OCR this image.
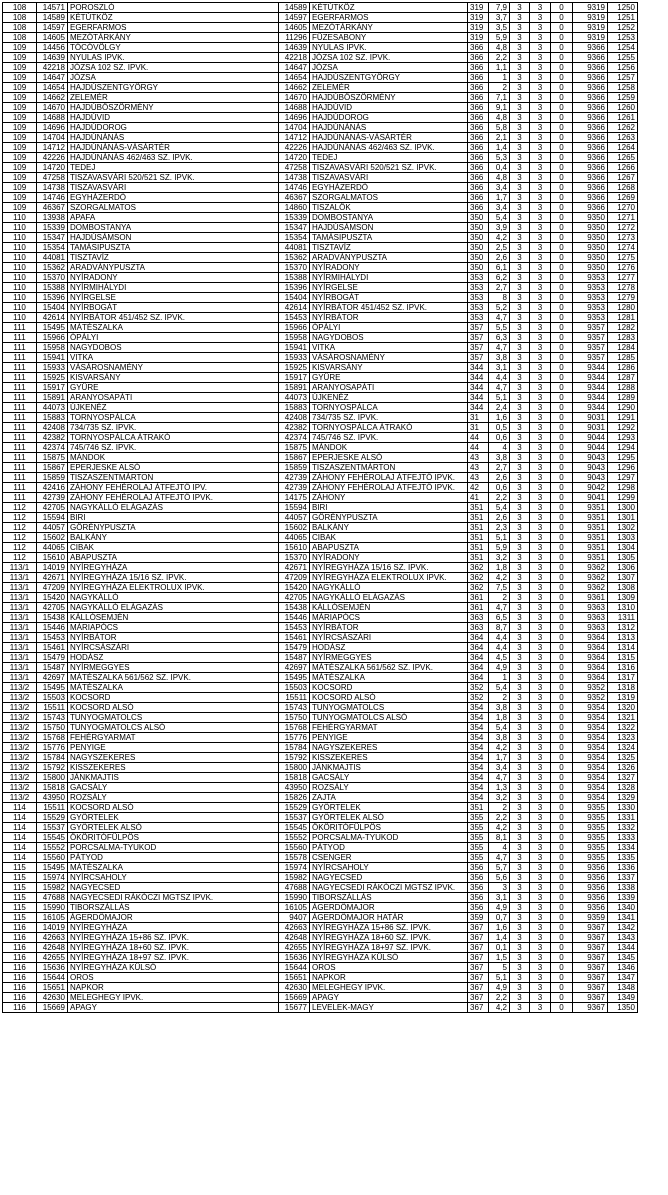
108	14571	POROSZLÓ	14589	KÉTÚTKÖZ	319	7,9	3	3	0	9319	1250
108	14589	KÉTÚTKÖZ	14597	EGERFARMOS	319	3,7	3	3	0	9319	1251
108	14597	EGERFARMOS	14605	MEZŐTÁRKÁNY	319	3,5	3	3	0	9319	1252
108	14605	MEZŐTÁRKÁNY	11296	FÜZESABONY	319	5,9	3	3	0	9319	1253
109	14456	TÓCÓVÖLGY	14639	NYULAS IPVK.	366	4,8	3	3	0	9366	1254
109	14639	NYULAS IPVK.	42218	JÓZSA 102 SZ. IPVK.	366	2,2	3	3	0	9366	1255
109	42218	JÓZSA 102 SZ. IPVK.	14647	JÓZSA	366	1,1	3	3	0	9366	1256
109	14647	JÓZSA	14654	HAJDÚSZENTGYÖRGY	366	1	3	3	0	9366	1257
109	14654	HAJDÚSZENTGYÖRGY	14662	ZELEMÉR	366	2	3	3	0	9366	1258
109	14662	ZELEMÉR	14670	HAJDÚBÖSZÖRMÉNY	366	7,1	3	3	0	9366	1259
109	14670	HAJDÚBÖSZÖRMÉNY	14688	HAJDÚVID	366	9,1	3	3	0	9366	1260
109	14688	HAJDÚVID	14696	HAJDÚDOROG	366	4,8	3	3	0	9366	1261
109	14696	HAJDÚDOROG	14704	HAJDÚNÁNÁS	366	5,8	3	3	0	9366	1262
109	14704	HAJDÚNÁNÁS	14712	HAJDÚNÁNÁS-VÁSÁRTÉR	366	2,1	3	3	0	9366	1263
109	14712	HAJDÚNÁNÁS-VÁSÁRTÉR	42226	HAJDÚNÁNÁS 462/463 SZ. IPVK.	366	1,4	3	3	0	9366	1264
109	42226	HAJDÚNÁNÁS 462/463 SZ. IPVK.	14720	TEDEJ	366	5,3	3	3	0	9366	1265
109	14720	TEDEJ	47258	TISZAVASVÁRI 520/521 SZ. IPVK.	366	0,4	3	3	0	9366	1266
109	47258	TISZAVASVÁRI 520/521 SZ. IPVK.	14738	TISZAVASVÁRI	366	4,8	3	3	0	9366	1267
109	14738	TISZAVASVÁRI	14746	EGYHÁZERDŐ	366	3,4	3	3	0	9366	1268
109	14746	EGYHÁZERDŐ	46367	SZORGALMATOS	366	1,7	3	3	0	9366	1269
109	46367	SZORGALMATOS	14860	TISZALÖK	366	3,4	3	3	0	9366	1270
110	13938	APAFA	15339	DOMBOSTANYA	350	5,4	3	3	0	9350	1271
110	15339	DOMBOSTANYA	15347	HAJDÚSÁMSON	350	3,9	3	3	0	9350	1272
110	15347	HAJDÚSÁMSON	15354	TAMÁSIPUSZTA	350	4,2	3	3	0	9350	1273
110	15354	TAMÁSIPUSZTA	44081	TISZTAVÍZ	350	2,5	3	3	0	9350	1274
110	44081	TISZTAVÍZ	15362	ARADVÁNYPUSZTA	350	2,6	3	3	0	9350	1275
110	15362	ARADVÁNYPUSZTA	15370	NYÍRADONY	350	6,1	3	3	0	9350	1276
110	15370	NYÍRADONY	15388	NYÍRMIHÁLYDI	353	6,2	3	3	0	9353	1277
110	15388	NYÍRMIHÁLYDI	15396	NYÍRGELSE	353	2,7	3	3	0	9353	1278
110	15396	NYÍRGELSE	15404	NYÍRBOGÁT	353	8	3	3	0	9353	1279
110	15404	NYÍRBOGÁT	42614	NYÍRBÁTOR 451/452 SZ. IPVK.	353	5,2	3	3	0	9353	1280
110	42614	NYÍRBÁTOR 451/452 SZ. IPVK.	15453	NYÍRBÁTOR	353	4,7	3	3	0	9353	1281
111	15495	MÁTÉSZALKA	15966	ÓPÁLYI	357	5,5	3	3	0	9357	1282
111	15966	ÓPÁLYI	15958	NAGYDOBOS	357	6,3	3	3	0	9357	1283
111	15958	NAGYDOBOS	15941	VITKA	357	4,7	3	3	0	9357	1284
111	15941	VITKA	15933	VÁSÁROSNAMÉNY	357	3,8	3	3	0	9357	1285
111	15933	VÁSÁROSNAMÉNY	15925	KISVARSÁNY	344	3,1	3	3	0	9344	1286
111	15925	KISVARSÁNY	15917	GYÜRE	344	4,4	3	3	0	9344	1287
111	15917	GYÜRE	15891	ARANYOSAPÁTI	344	4,7	3	3	0	9344	1288
111	15891	ARANYOSAPÁTI	44073	ÚJKENÉZ	344	5,1	3	3	0	9344	1289
111	44073	ÚJKENÉZ	15883	TORNYOSPÁLCA	344	2,4	3	3	0	9344	1290
111	15883	TORNYOSPÁLCA	42408	734/735 SZ. IPVK.	31	1,6	3	3	0	9031	1291
111	42408	734/735 SZ. IPVK.	42382	TORNYOSPÁLCA ÁTRAKÓ	31	0,5	3	3	0	9031	1292
111	42382	TORNYOSPÁLCA ÁTRAKÓ	42374	745/746 SZ. IPVK.	44	0,6	3	3	0	9044	1293
111	42374	745/746 SZ. IPVK.	15875	MÁNDOK	44	4	3	3	0	9044	1294
111	15875	MÁNDOK	15867	EPERJESKE ALSÓ	43	3,8	3	3	0	9043	1295
111	15867	EPERJESKE ALSÓ	15859	TISZASZENTMÁRTON	43	2,7	3	3	0	9043	1296
111	15859	TISZASZENTMÁRTON	42739	ZÁHONY FEHÉROLAJ ÁTFEJTŐ IPVK.	43	2,6	3	3	0	9043	1297
111	42416	ZÁHONY FEHÉROLAJ ÁTFEJTŐ IPV.	42739	ZÁHONY FEHÉROLAJ ÁTFEJTŐ IPVK.	42	0,6	3	3	0	9042	1298
111	42739	ZÁHONY FEHÉROLAJ ÁTFEJTŐ IPVK.	14175	ZÁHONY	41	2,2	3	3	0	9041	1299
112	42705	NAGYKÁLLÓ ELÁGAZÁS	15594	BIRI	351	5,4	3	3	0	9351	1300
112	15594	BIRI	44057	GÖRÉNYPUSZTA	351	2,6	3	3	0	9351	1301
112	44057	GÖRÉNYPUSZTA	15602	BALKÁNY	351	2,3	3	3	0	9351	1302
112	15602	BALKÁNY	44065	CIBAK	351	5,1	3	3	0	9351	1303
112	44065	CIBAK	15610	ABAPUSZTA	351	5,9	3	3	0	9351	1304
112	15610	ABAPUSZTA	15370	NYÍRADONY	351	3,2	3	3	0	9351	1305
113/1	14019	NYÍREGYHÁZA	42671	NYÍREGYHÁZA 15/16 SZ. IPVK.	362	1,8	3	3	0	9362	1306
113/1	42671	NYÍREGYHÁZA 15/16 SZ. IPVK.	47209	NYÍREGYHÁZA ELEKTROLUX IPVK.	362	4,2	3	3	0	9362	1307
113/1	47209	NYÍREGYHÁZA ELEKTROLUX IPVK.	15420	NAGYKÁLLÓ	362	7,5	3	3	0	9362	1308
113/1	15420	NAGYKÁLLÓ	42705	NAGYKÁLLÓ ELÁGAZÁS	361	2	3	3	0	9361	1309
113/1	42705	NAGYKÁLLÓ ELÁGAZÁS	15438	KÁLLÓSEMJÉN	361	4,7	3	3	0	9363	1310
113/1	15438	KÁLLÓSEMJÉN	15446	MÁRIAPÓCS	363	6,5	3	3	0	9363	1311
113/1	15446	MÁRIAPÓCS	15453	NYÍRBÁTOR	363	8,7	3	3	0	9363	1312
113/1	15453	NYÍRBÁTOR	15461	NYÍRCSÁSZÁRI	364	4,4	3	3	0	9364	1313
113/1	15461	NYÍRCSÁSZÁRI	15479	HODÁSZ	364	4,4	3	3	0	9364	1314
113/1	15479	HODÁSZ	15487	NYÍRMEGGYES	364	4,5	3	3	0	9364	1315
113/1	15487	NYÍRMEGGYES	42697	MÁTÉSZALKA 561/562 SZ. IPVK.	364	4,9	3	3	0	9364	1316
113/1	42697	MÁTÉSZALKA 561/562 SZ. IPVK.	15495	MÁTÉSZALKA	364	1	3	3	0	9364	1317
113/2	15495	MÁTÉSZALKA	15503	KOCSORD	352	5,4	3	3	0	9352	1318
113/2	15503	KOCSORD	15511	KOCSORD ALSÓ	352	2	3	3	0	9352	1319
113/2	15511	KOCSORD ALSÓ	15743	TUNYOGMATOLCS	354	3,8	3	3	0	9354	1320
113/2	15743	TUNYOGMATOLCS	15750	TUNYOGMATOLCS ALSÓ	354	1,8	3	3	0	9354	1321
113/2	15750	TUNYOGMATOLCS ALSÓ	15768	FEHÉRGYARMAT	354	5,4	3	3	0	9354	1322
113/2	15768	FEHÉRGYARMAT	15776	PENYIGE	354	3,8	3	3	0	9354	1323
113/2	15776	PENYIGE	15784	NAGYSZEKERES	354	4,2	3	3	0	9354	1324
113/2	15784	NAGYSZEKERES	15792	KISSZEKERES	354	1,7	3	3	0	9354	1325
113/2	15792	KISSZEKERES	15800	JÁNKMAJTIS	354	3,4	3	3	0	9354	1326
113/2	15800	JÁNKMAJTIS	15818	GACSÁLY	354	4,7	3	3	0	9354	1327
113/2	15818	GACSÁLY	43950	ROZSÁLY	354	1,3	3	3	0	9354	1328
113/2	43950	ROZSÁLY	15826	ZAJTA	354	3,2	3	3	0	9354	1329
114	15511	KOCSORD ALSÓ	15529	GYŐRTELEK	351	2	3	3	0	9355	1330
114	15529	GYŐRTELEK	15537	GYŐRTELEK ALSÓ	355	2,2	3	3	0	9355	1331
114	15537	GYŐRTELEK ALSÓ	15545	ÖKÖRITÓFÜLPÖS	355	4,2	3	3	0	9355	1332
114	15545	ÖKÖRITÓFÜLPÖS	15552	PORCSALMA-TYUKOD	355	8,1	3	3	0	9355	1333
114	15552	PORCSALMA-TYUKOD	15560	PÁTYOD	355	4	3	3	0	9355	1334
114	15560	PÁTYOD	15578	CSENGER	355	4,7	3	3	0	9355	1335
115	15495	MÁTÉSZALKA	15974	NYÍRCSAHOLY	356	5,7	3	3	0	9356	1336
115	15974	NYÍRCSAHOLY	15982	NAGYECSED	356	5,6	3	3	0	9356	1337
115	15982	NAGYECSED	47688	NAGYECSEDI RÁKÓCZI MGTSZ IPVK.	356	3	3	3	0	9356	1338
115	47688	NAGYECSEDI RÁKÓCZI MGTSZ IPVK.	15990	TIBORSZÁLLÁS	356	3,1	3	3	0	9356	1339
115	15990	TIBORSZÁLLÁS	16105	ÁGERDŐMAJOR	356	4,9	3	3	0	9356	1340
115	16105	ÁGERDŐMAJOR	9407	ÁGERDŐMAJOR HATÁR	359	0,7	3	3	0	9359	1341
116	14019	NYÍREGYHÁZA	42663	NYÍREGYHÁZA 15+86 SZ. IPVK.	367	1,6	3	3	0	9367	1342
116	42663	NYÍREGYHÁZA 15+86 SZ. IPVK.	42648	NYÍREGYHÁZA 18+60 SZ. IPVK.	367	1,4	3	3	0	9367	1343
116	42648	NYÍREGYHÁZA 18+60 SZ. IPVK.	42655	NYÍREGYHÁZA 18+97 SZ. IPVK.	367	0,1	3	3	0	9367	1344
116	42655	NYÍREGYHÁZA 18+97 SZ. IPVK.	15636	NYÍREGYHÁZA KÜLSŐ	367	1,5	3	3	0	9367	1345
116	15636	NYÍREGYHÁZA KÜLSŐ	15644	OROS	367	5	3	3	0	9367	1346
116	15644	OROS	15651	NAPKOR	367	5,1	3	3	0	9367	1347
116	15651	NAPKOR	42630	MELEGHEGY IPVK.	367	4,9	3	3	0	9367	1348
116	42630	MELEGHEGY IPVK.	15669	APAGY	367	2,2	3	3	0	9367	1349
116	15669	APAGY	15677	LEVELEK-MAGY	367	4,2	3	3	0	9367	1350
